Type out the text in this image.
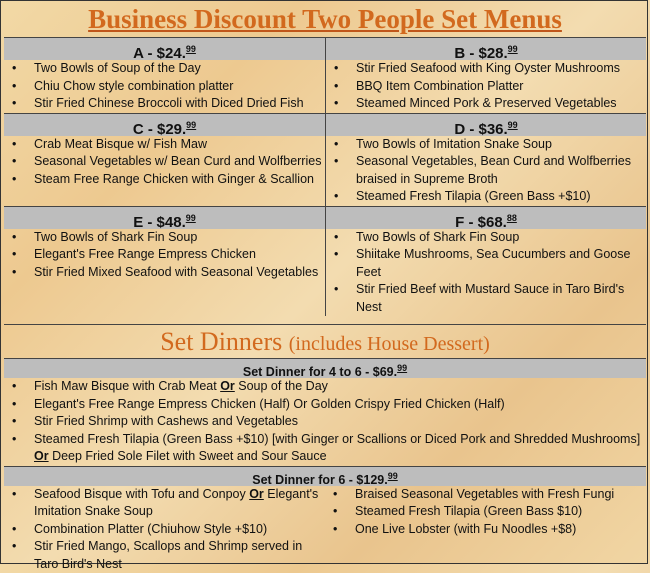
Business Discount Two People Set Menus
A - $24.99
• Two Bowls of Soup of the Day
• Chiu Chow style combination platter
• Stir Fried Chinese Broccoli with Diced Dried Fish
B - $28.99
• Stir Fried Seafood with King Oyster Mushrooms
• BBQ Item Combination Platter
• Steamed Minced Pork & Preserved Vegetables
C - $29.99
• Crab Meat Bisque w/ Fish Maw
• Seasonal Vegetables w/ Bean Curd and Wolfberries
• Steam Free Range Chicken with Ginger & Scallion
D - $36.99
• Two Bowls of Imitation Snake Soup
• Seasonal Vegetables, Bean Curd and Wolfberries braised in Supreme Broth
• Steamed Fresh Tilapia (Green Bass +$10)
E - $48.99
• Two Bowls of Shark Fin Soup
• Elegant's Free Range Empress Chicken
• Stir Fried Mixed Seafood with Seasonal Vegetables
F - $68.88
• Two Bowls of Shark Fin Soup
• Shiitake Mushrooms, Sea Cucumbers and Goose Feet
• Stir Fried Beef with Mustard Sauce in Taro Bird's Nest
Set Dinners (includes House Dessert)
Set Dinner for 4 to 6 - $69.99
• Fish Maw Bisque with Crab Meat Or Soup of the Day
• Elegant's Free Range Empress Chicken (Half) Or Golden Crispy Fried Chicken (Half)
• Stir Fried Shrimp with Cashews and Vegetables
• Steamed Fresh Tilapia (Green Bass +$10) [with Ginger or Scallions or Diced Pork and Shredded Mushrooms]
Or Deep Fried Sole Filet with Sweet and Sour Sauce
Set Dinner for 6 - $129.99
• Seafood Bisque with Tofu and Conpoy Or Elegant's Imitation Snake Soup
• Combination Platter (Chiuhow Style +$10)
• Stir Fried Mango, Scallops and Shrimp served in Taro Bird's Nest
• Braised Seasonal Vegetables with Fresh Fungi
• Steamed Fresh Tilapia (Green Bass $10)
• One Live Lobster (with Fu Noodles +$8)
